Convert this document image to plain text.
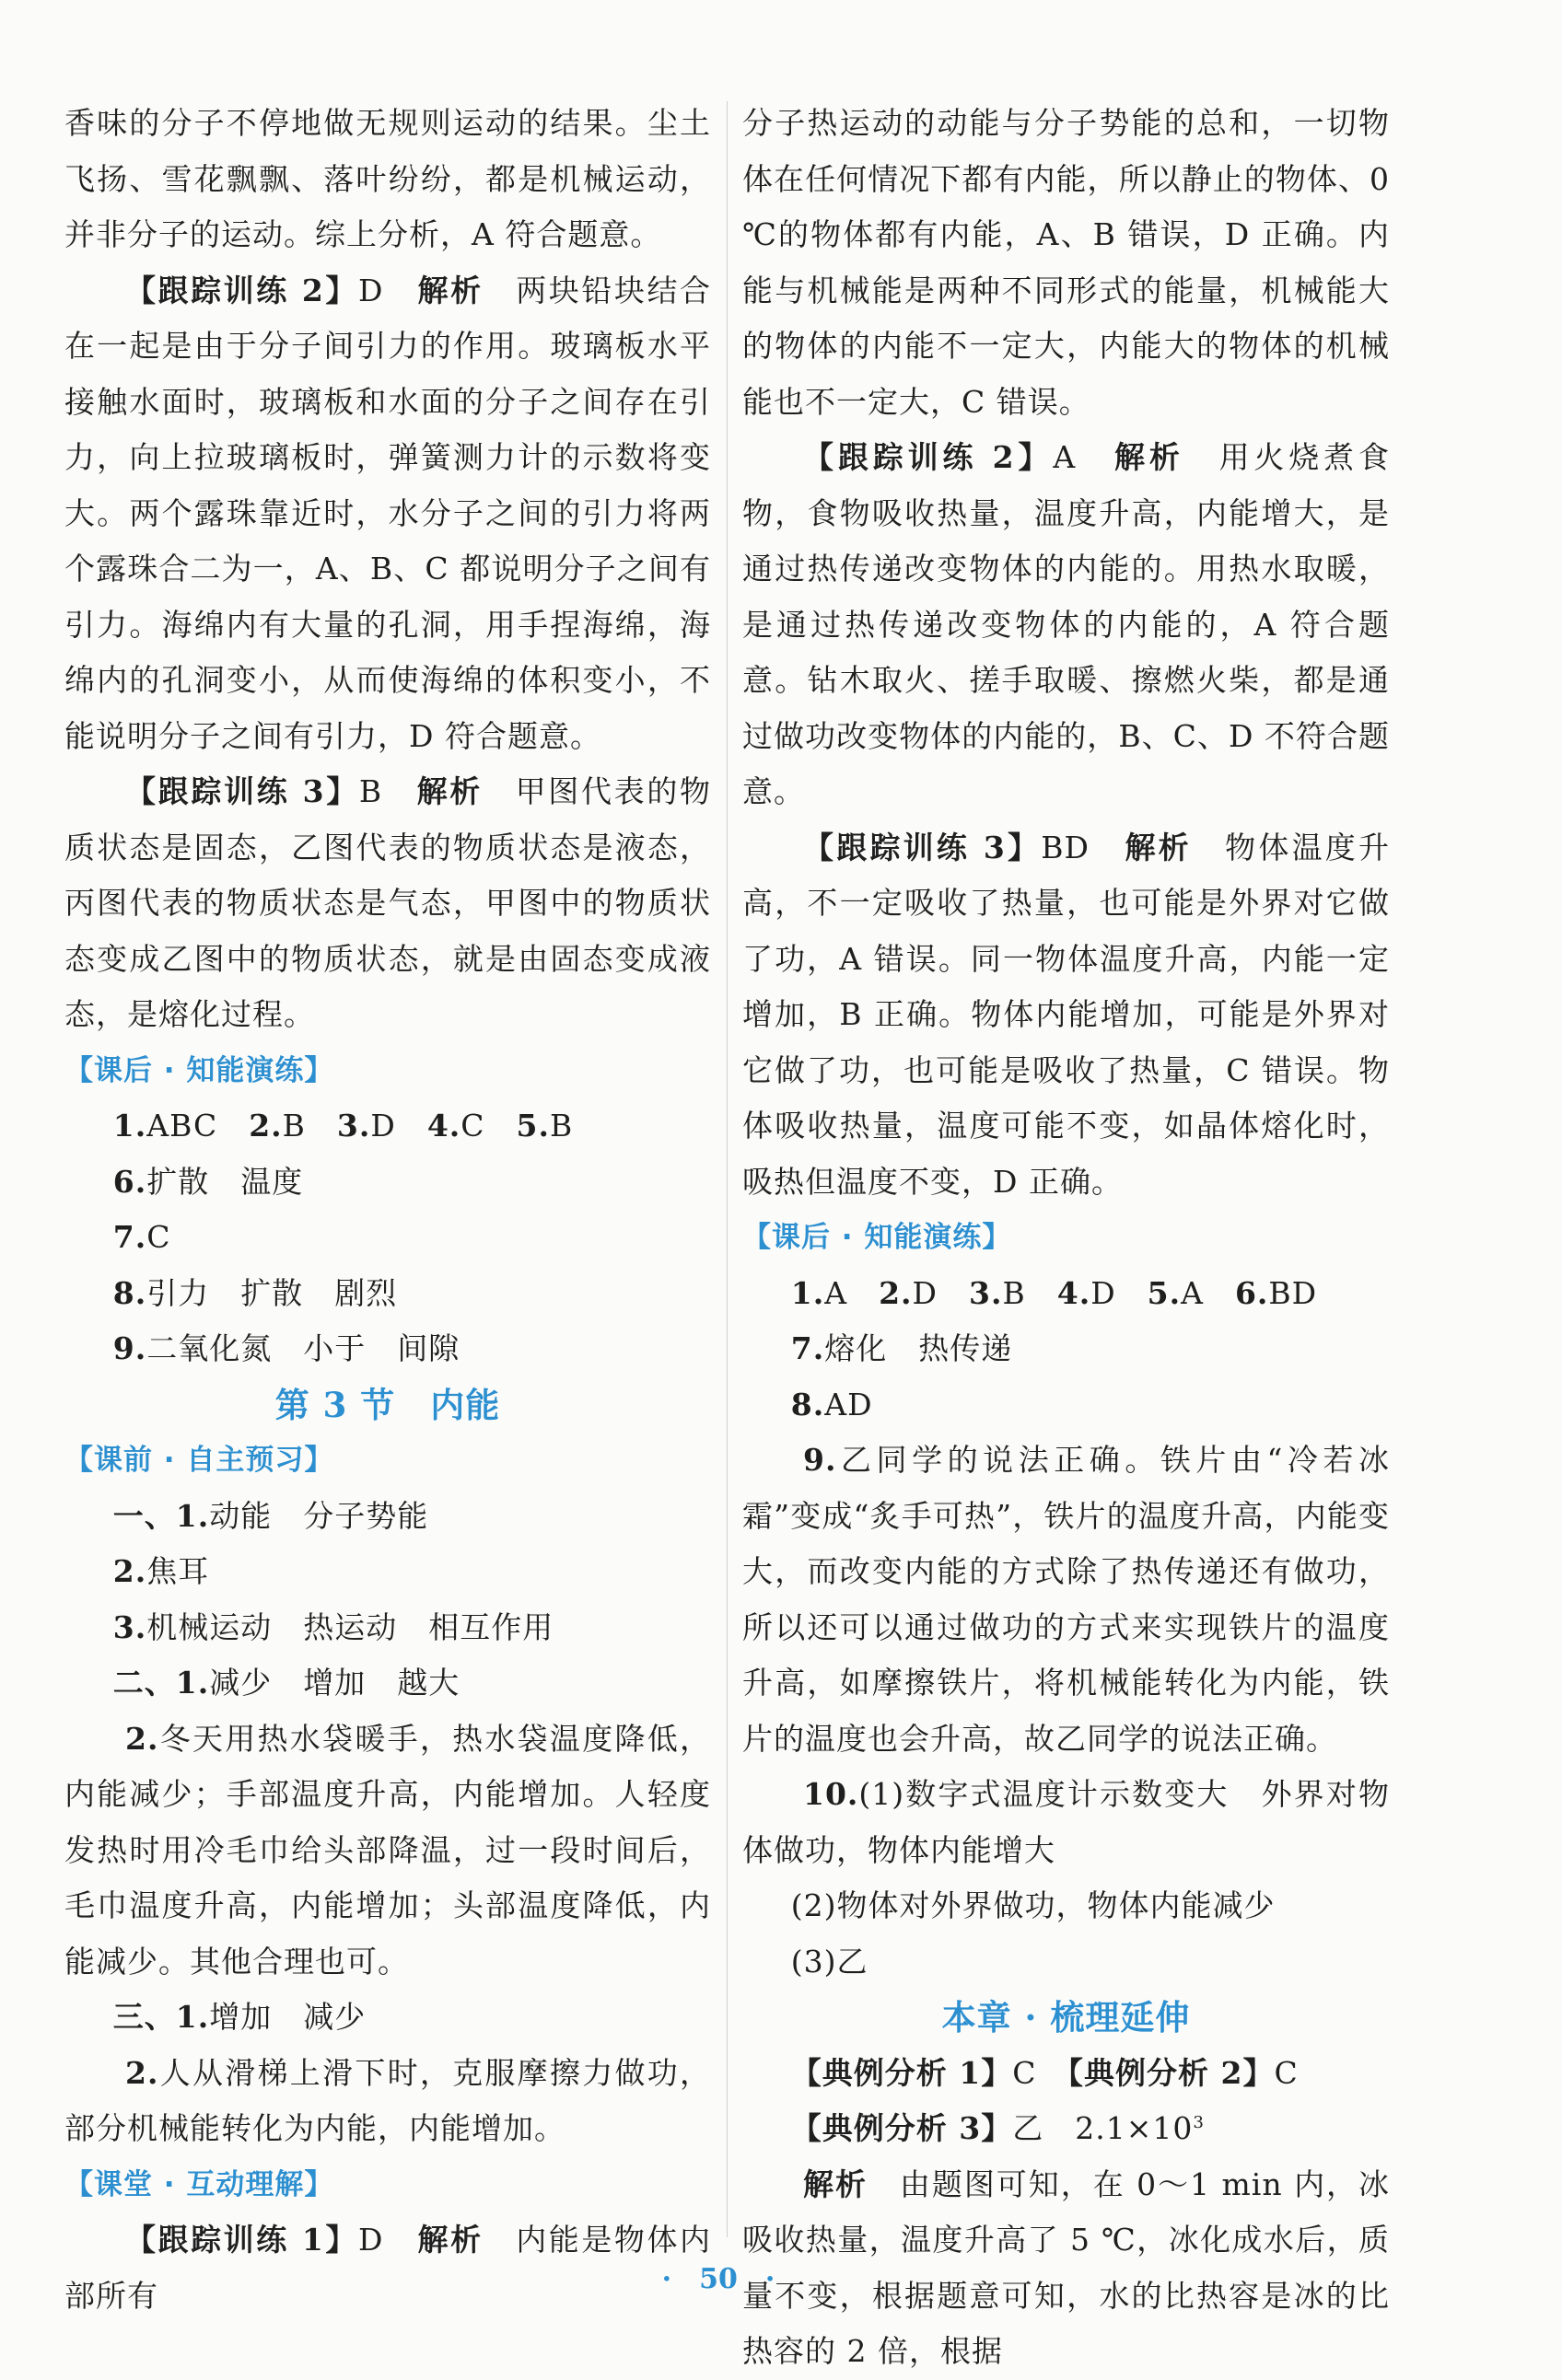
香味的分子不停地做无规则运动的结果。尘土飞扬、雪花飘飘、落叶纷纷，都是机械运动，并非分子的运动。综上分析，A 符合题意。

【跟踪训练 2】D　 解析　 两块铅块结合在一起是由于分子间引力的作用。玻璃板水平接触水面时，玻璃板和水面的分子之间存在引力，向上拉玻璃板时，弹簧测力计的示数将变大。两个露珠靠近时，水分子之间的引力将两个露珠合二为一，A、B、C 都说明分子之间有引力。海绵内有大量的孔洞，用手捏海绵，海绵内的孔洞变小，从而使海绵的体积变小，不能说明分子之间有引力，D 符合题意。

【跟踪训练 3】B　 解析　 甲图代表的物质状态是固态，乙图代表的物质状态是液态，丙图代表的物质状态是气态，甲图中的物质状态变成乙图中的物质状态，就是由固态变成液态，是熔化过程。

【课后 · 知能演练】

1.ABC　 2.B　 3.D　 4.C　 5.B

6.扩散　温度

7.C

8.引力　扩散　剧烈

9.二氧化氮　小于　间隙

第 3 节　内能

【课前 · 自主预习】

一、1.动能　分子势能

2.焦耳

3.机械运动　热运动　相互作用

二、1.减少　增加　越大

2.冬天用热水袋暖手，热水袋温度降低，内能减少；手部温度升高，内能增加。人轻度发热时用冷毛巾给头部降温，过一段时间后，毛巾温度升高，内能增加；头部温度降低，内能减少。其他合理也可。

三、1.增加　减少

2.人从滑梯上滑下时，克服摩擦力做功，部分机械能转化为内能，内能增加。

【课堂 · 互动理解】

【跟踪训练 1】D　 解析　 内能是物体内部所有

分子热运动的动能与分子势能的总和，一切物体在任何情况下都有内能，所以静止的物体、0 ℃的物体都有内能，A、B 错误，D 正确。内能与机械能是两种不同形式的能量，机械能大的物体的内能不一定大，内能大的物体的机械能也不一定大，C 错误。

【跟踪训练 2】A　 解析　 用火烧煮食物，食物吸收热量，温度升高，内能增大，是通过热传递改变物体的内能的。用热水取暖，是通过热传递改变物体的内能的，A 符合题意。钻木取火、搓手取暖、擦燃火柴，都是通过做功改变物体的内能的，B、C、D 不符合题意。

【跟踪训练 3】BD　 解析　 物体温度升高，不一定吸收了热量，也可能是外界对它做了功，A 错误。同一物体温度升高，内能一定增加，B 正确。物体内能增加，可能是外界对它做了功，也可能是吸收了热量，C 错误。物体吸收热量，温度可能不变，如晶体熔化时，吸热但温度不变，D 正确。

【课后 · 知能演练】

1.A　 2.D　 3.B　 4.D　 5.A　 6.BD

7.熔化　热传递

8.AD

9.乙同学的说法正确。铁片由“冷若冰霜”变成“炙手可热”，铁片的温度升高，内能变大，而改变内能的方式除了热传递还有做功，所以还可以通过做功的方式来实现铁片的温度升高，如摩擦铁片，将机械能转化为内能，铁片的温度也会升高，故乙同学的说法正确。

10.(1)数字式温度计示数变大　外界对物体做功，物体内能增大

(2)物体对外界做功，物体内能减少

(3)乙

本章 · 梳理延伸

【典例分析 1】C　 【典例分析 2】C

【典例分析 3】乙　$2.1\times 10^3$

解析　 由题图可知，在 0～1 min 内，冰吸收热量，温度升高了 5 ℃，冰化成水后，质量不变，根据题意可知，水的比热容是冰的比热容的 2 倍，根据

·　50　·
